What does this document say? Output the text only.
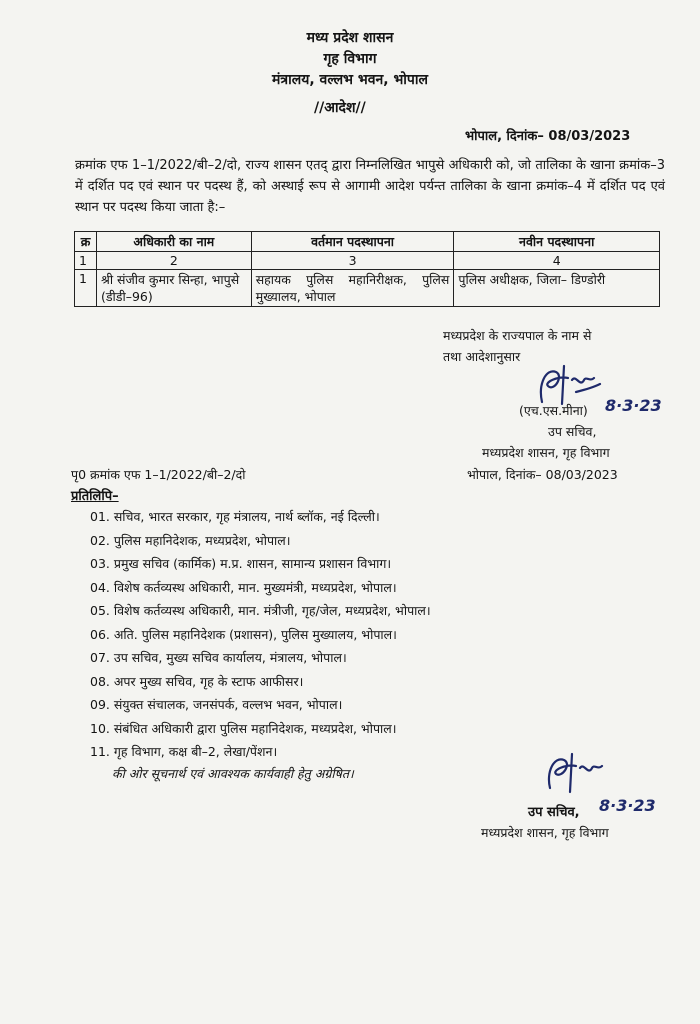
मध्य प्रदेश शासन
गृह विभाग
मंत्रालय, वल्लभ भवन, भोपाल
//आदेश//
भोपाल, दिनांक– 08/03/2023
क्रमांक एफ 1–1/2022/बी–2/दो, राज्य शासन एतद् द्वारा निम्नलिखित भापुसे अधिकारी को, जो तालिका के खाना क्रमांक–3 में दर्शित पद एवं स्थान पर पदस्थ हैं, को अस्थाई रूप से आगामी आदेश पर्यन्त तालिका के खाना क्रमांक–4 में दर्शित पद एवं स्थान पर पदस्थ किया जाता है:–
क्र	अधिकारी का नाम	वर्तमान पदस्थापना	नवीन पदस्थापना
1	2	3	4
1	श्री संजीव कुमार सिन्हा, भापुसे (डीडी–96)	सहायक पुलिस महानिरीक्षक, पुलिस मुख्यालय, भोपाल	पुलिस अधीक्षक, जिला– डिण्डोरी
मध्यप्रदेश के राज्यपाल के नाम से
तथा आदेशानुसार
(एच.एस.मीना) 8·3·23
उप सचिव,
मध्यप्रदेश शासन, गृह विभाग
भोपाल, दिनांक– 08/03/2023
पृ0 क्रमांक एफ 1–1/2022/बी–2/दो
प्रतिलिपि–
01. सचिव, भारत सरकार, गृह मंत्रालय, नार्थ ब्लॉक, नई दिल्ली।
02. पुलिस महानिदेशक, मध्यप्रदेश, भोपाल।
03. प्रमुख सचिव (कार्मिक) म.प्र. शासन, सामान्य प्रशासन विभाग।
04. विशेष कर्तव्यस्थ अधिकारी, मान. मुख्यमंत्री, मध्यप्रदेश, भोपाल।
05. विशेष कर्तव्यस्थ अधिकारी, मान. मंत्रीजी, गृह/जेल, मध्यप्रदेश, भोपाल।
06. अति. पुलिस महानिदेशक (प्रशासन), पुलिस मुख्यालय, भोपाल।
07. उप सचिव, मुख्य सचिव कार्यालय, मंत्रालय, भोपाल।
08. अपर मुख्य सचिव, गृह के स्टाफ आफीसर।
09. संयुक्त संचालक, जनसंपर्क, वल्लभ भवन, भोपाल।
10. संबंधित अधिकारी द्वारा पुलिस महानिदेशक, मध्यप्रदेश, भोपाल।
11. गृह विभाग, कक्ष बी–2, लेखा/पेंशन।
की ओर सूचनार्थ एवं आवश्यक कार्यवाही हेतु अग्रेषित।
उप सचिव, 8·3·23
मध्यप्रदेश शासन, गृह विभाग
